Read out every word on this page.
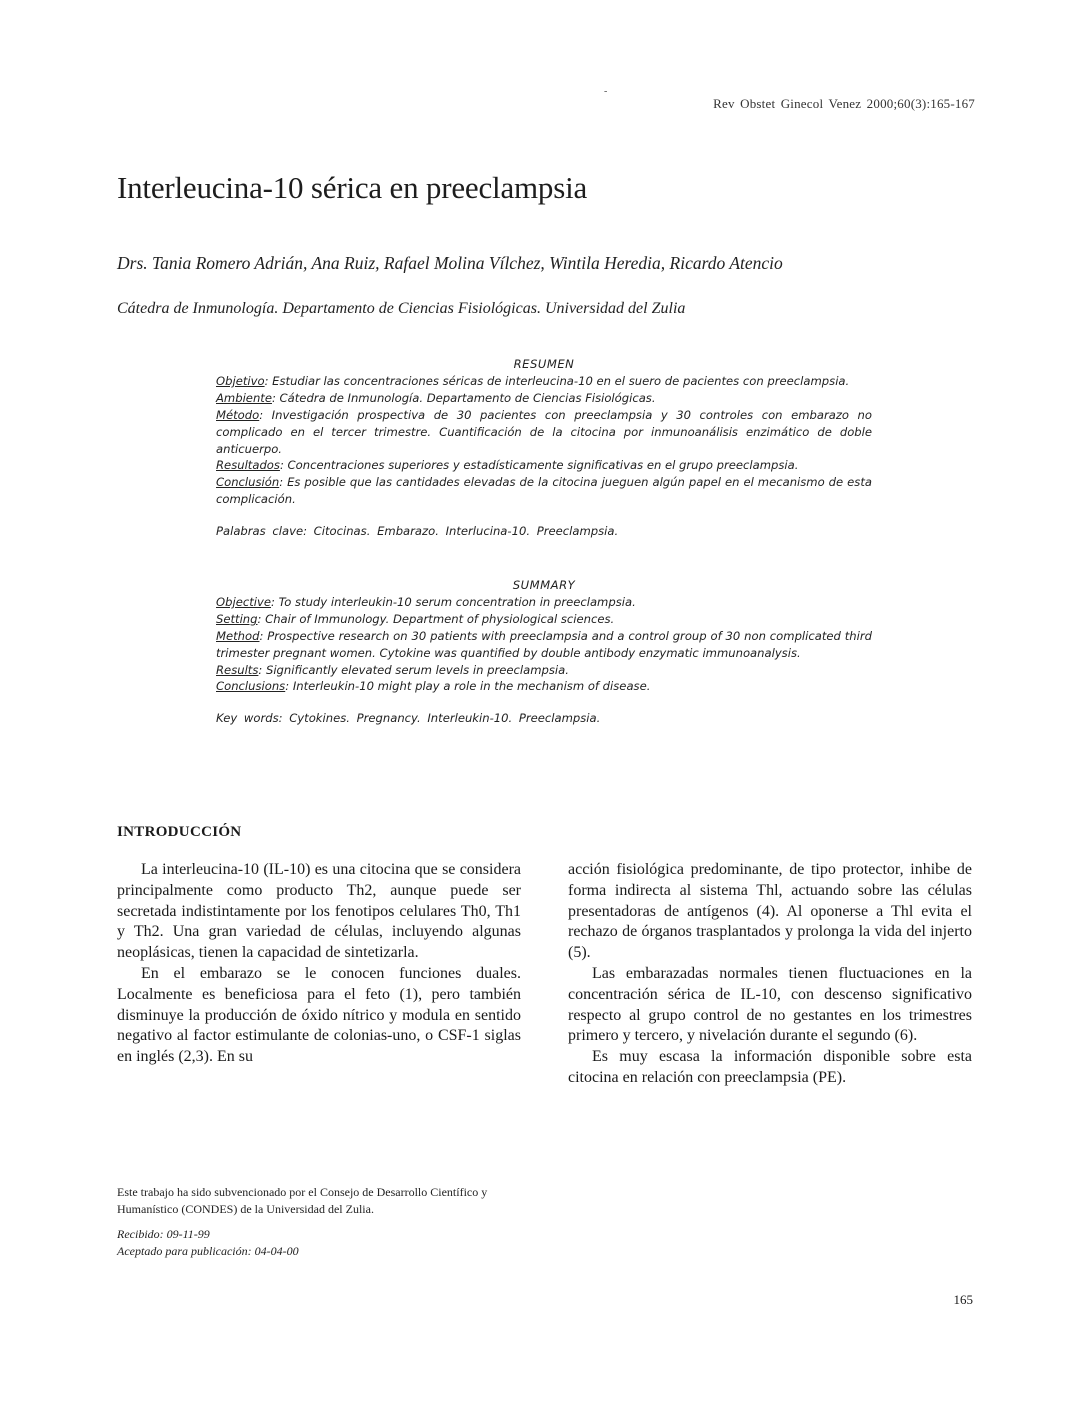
-
Rev Obstet Ginecol Venez 2000;60(3):165-167
Interleucina-10 sérica en preeclampsia
Drs. Tania Romero Adrián, Ana Ruiz, Rafael Molina Vílchez, Wintila Heredia, Ricardo Atencio
Cátedra de Inmunología. Departamento de Ciencias Fisiológicas. Universidad del Zulia
RESUMEN

Objetivo: Estudiar las concentraciones séricas de interleucina-10 en el suero de pacientes con preeclampsia.

Ambiente: Cátedra de Inmunología. Departamento de Ciencias Fisiológicas.

Método: Investigación prospectiva de 30 pacientes con preeclampsia y 30 controles con embarazo no complicado en el tercer trimestre. Cuantificación de la citocina por inmunoanálisis enzimático de doble anticuerpo.

Resultados: Concentraciones superiores y estadísticamente significativas en el grupo preeclampsia.

Conclusión: Es posible que las cantidades elevadas de la citocina jueguen algún papel en el mecanismo de esta complicación.

Palabras clave: Citocinas. Embarazo. Interlucina-10. Preeclampsia.

SUMMARY

Objective: To study interleukin-10 serum concentration in preeclampsia.

Setting: Chair of Immunology. Department of physiological sciences.

Method: Prospective research on 30 patients with preeclampsia and a control group of 30 non complicated third trimester pregnant women. Cytokine was quantified by double antibody enzymatic immunoanalysis.

Results: Significantly elevated serum levels in preeclampsia.

Conclusions: Interleukin-10 might play a role in the mechanism of disease.

Key words: Cytokines. Pregnancy. Interleukin-10. Preeclampsia.

INTRODUCCIÓN

La interleucina-10 (IL-10) es una citocina que se considera principalmente como producto Th2, aunque puede ser secretada indistintamente por los fenotipos celulares Th0, Th1 y Th2. Una gran variedad de células, incluyendo algunas neoplásicas, tienen la capacidad de sintetizarla.

En el embarazo se le conocen funciones duales. Localmente es beneficiosa para el feto (1), pero también disminuye la producción de óxido nítrico y modula en sentido negativo al factor estimulante de colonias-uno, o CSF-1 siglas en inglés (2,3). En su

acción fisiológica predominante, de tipo protector, inhibe de forma indirecta al sistema Thl, actuando sobre las células presentadoras de antígenos (4). Al oponerse a Thl evita el rechazo de órganos trasplantados y prolonga la vida del injerto (5).

Las embarazadas normales tienen fluctuaciones en la concentración sérica de IL-10, con descenso significativo respecto al grupo control de no gestantes en los trimestres primero y tercero, y nivelación durante el segundo (6).

Es muy escasa la información disponible sobre esta citocina en relación con preeclampsia (PE).

Este trabajo ha sido subvencionado por el Consejo de Desarrollo Científico y Humanístico (CONDES) de la Universidad del Zulia.
Recibido: 09-11-99
Aceptado para publicación: 04-04-00
165
